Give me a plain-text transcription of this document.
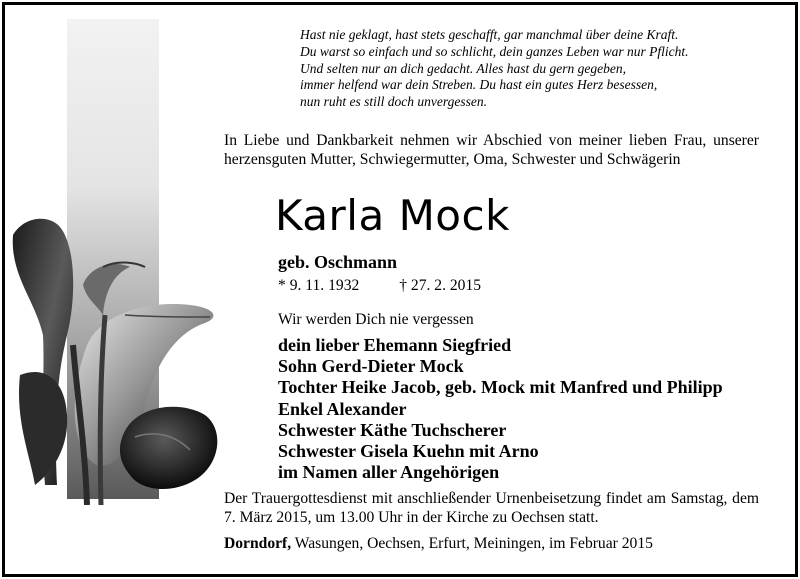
Hast nie geklagt, hast stets geschafft, gar manchmal über deine Kraft.
Du warst so einfach und so schlicht, dein ganzes Leben war nur Pflicht.
Und selten nur an dich gedacht. Alles hast du gern gegeben,
immer helfend war dein Streben. Du hast ein gutes Herz besessen,
nun ruht es still doch unvergessen.
In Liebe und Dankbarkeit nehmen wir Abschied von meiner lieben Frau, unserer herzensguten Mutter, Schwiegermutter, Oma, Schwester und Schwägerin
Karla Mock
geb. Oschmann
* 9. 11. 1932	† 27. 2. 2015
Wir werden Dich nie vergessen
dein lieber Ehemann Siegfried
Sohn Gerd-Dieter Mock
Tochter Heike Jacob, geb. Mock mit Manfred und Philipp
Enkel Alexander
Schwester Käthe Tuchscherer
Schwester Gisela Kuehn mit Arno
im Namen aller Angehörigen
Der Trauergottesdienst mit anschließender Urnenbeisetzung findet am Samstag, dem 7. März 2015, um 13.00 Uhr in der Kirche zu Oechsen statt.
Dorndorf, Wasungen, Oechsen, Erfurt, Meiningen, im Februar 2015
